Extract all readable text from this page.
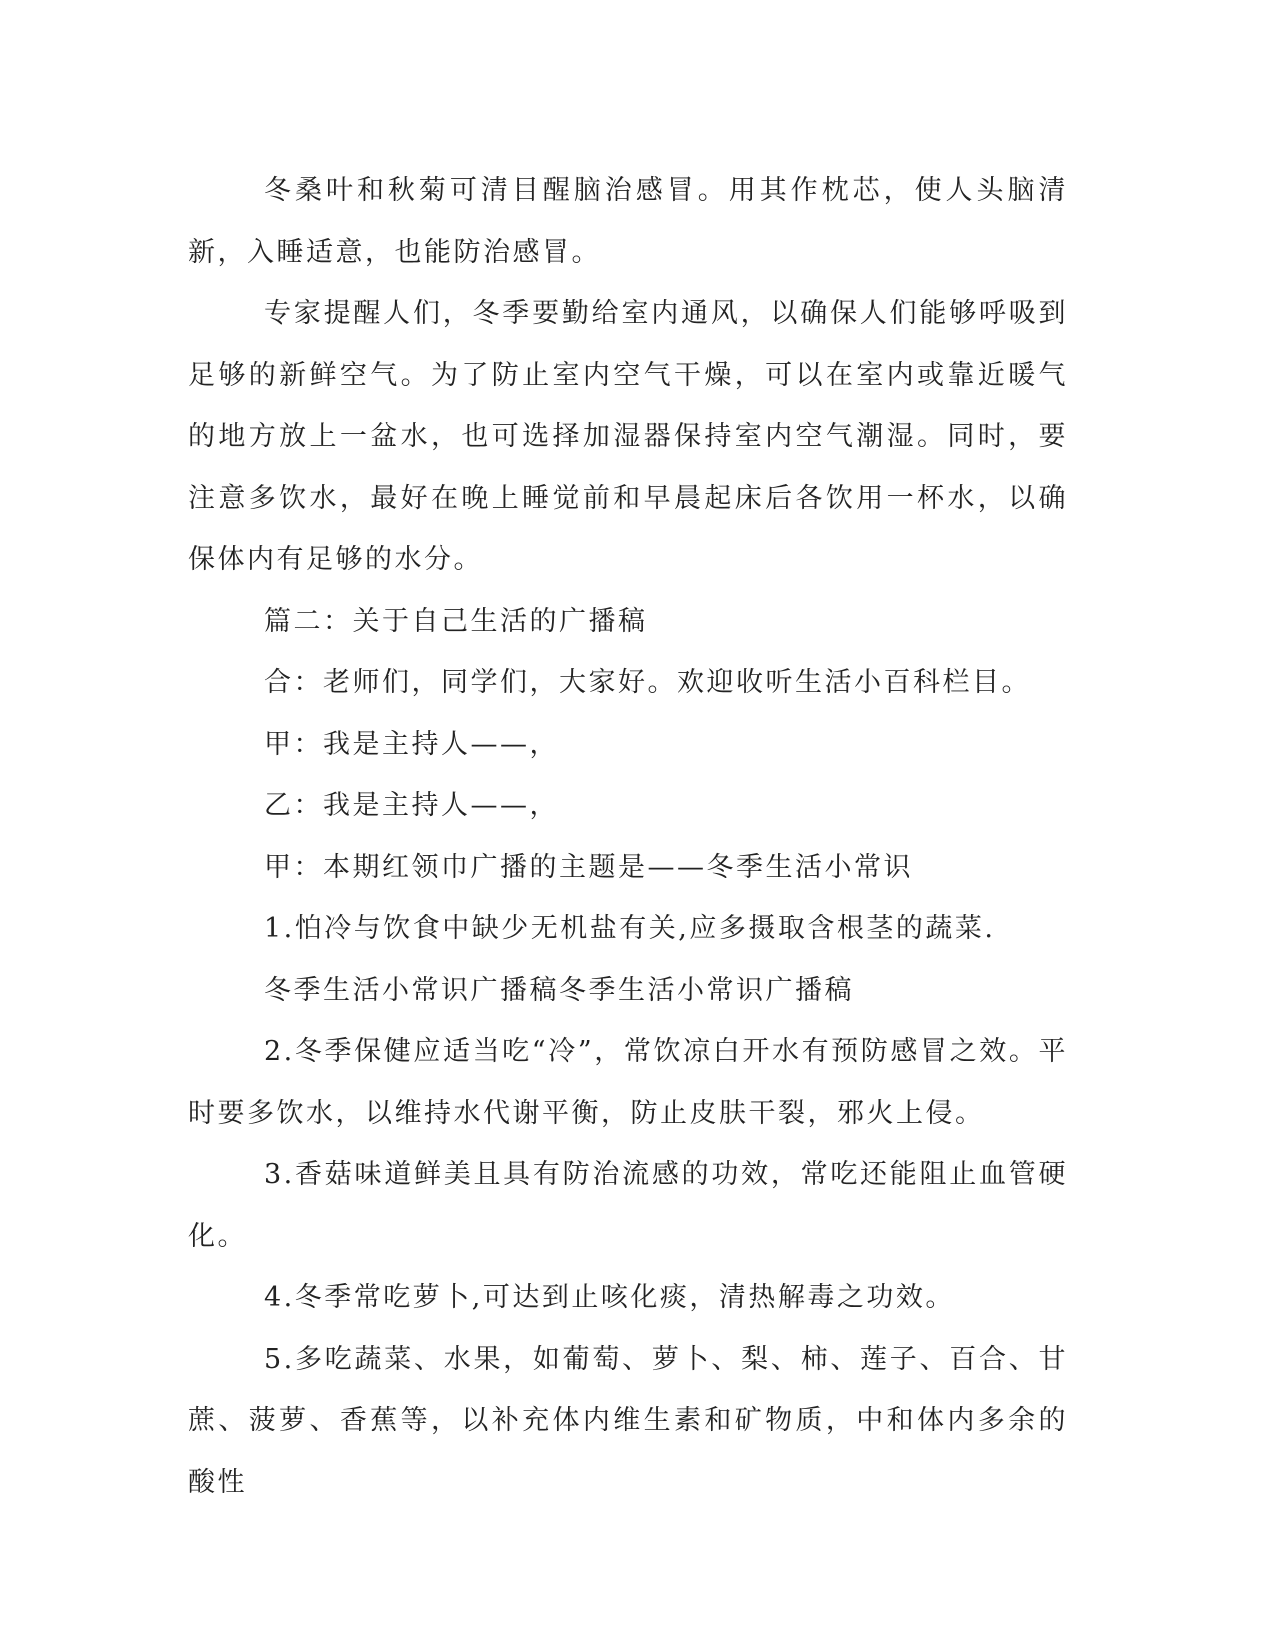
冬桑叶和秋菊可清目醒脑治感冒。用其作枕芯，使人头脑清新，入睡适意，也能防治感冒。

专家提醒人们，冬季要勤给室内通风，以确保人们能够呼吸到足够的新鲜空气。为了防止室内空气干燥，可以在室内或靠近暖气的地方放上一盆水，也可选择加湿器保持室内空气潮湿。同时，要注意多饮水，最好在晚上睡觉前和早晨起床后各饮用一杯水，以确保体内有足够的水分。

篇二：关于自己生活的广播稿

合：老师们，同学们，大家好。欢迎收听生活小百科栏目。

甲：我是主持人——，

乙：我是主持人——，

甲：本期红领巾广播的主题是——冬季生活小常识

1.怕冷与饮食中缺少无机盐有关,应多摄取含根茎的蔬菜.

冬季生活小常识广播稿冬季生活小常识广播稿

2.冬季保健应适当吃“冷”，常饮凉白开水有预防感冒之效。平时要多饮水，以维持水代谢平衡，防止皮肤干裂，邪火上侵。

3.香菇味道鲜美且具有防治流感的功效，常吃还能阻止血管硬化。

4.冬季常吃萝卜,可达到止咳化痰，清热解毒之功效。

5.多吃蔬菜、水果，如葡萄、萝卜、梨、柿、莲子、百合、甘蔗、菠萝、香蕉等，以补充体内维生素和矿物质，中和体内多余的酸性
